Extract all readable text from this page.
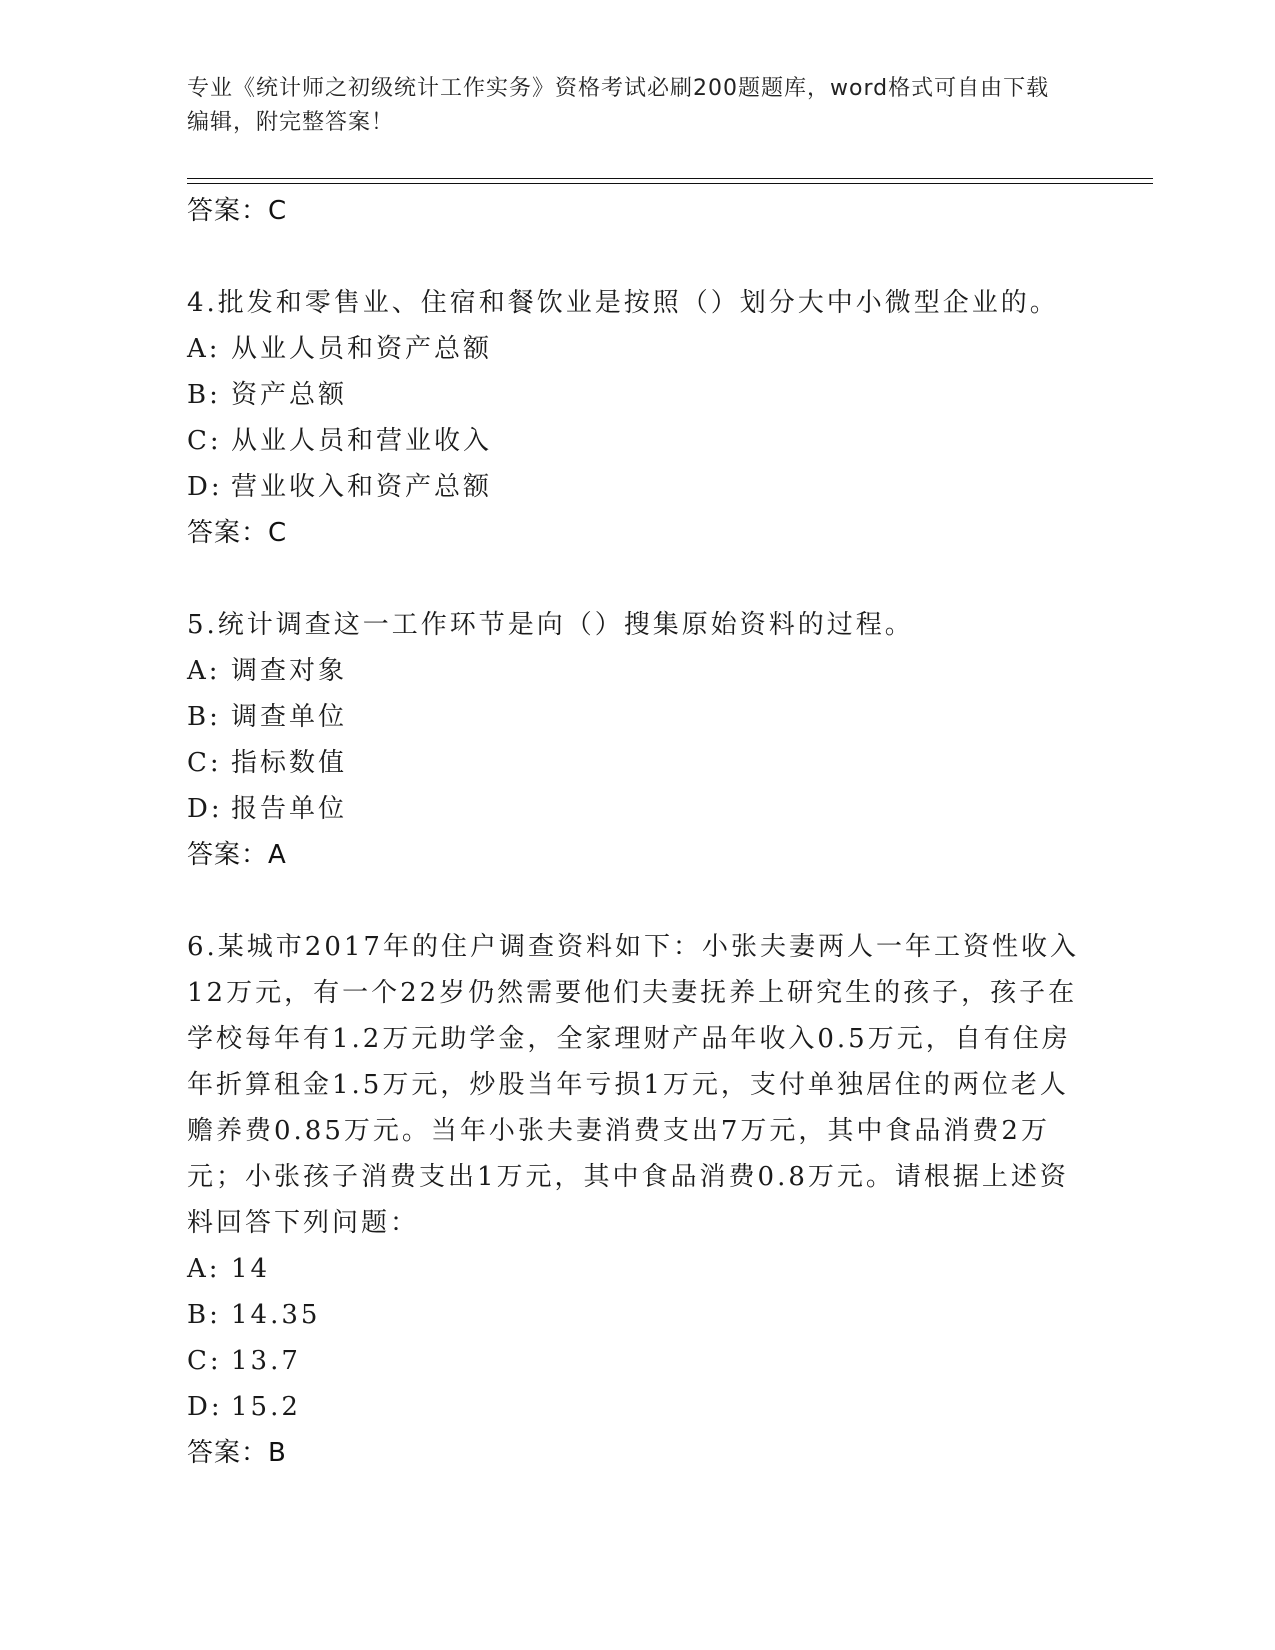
专业《统计师之初级统计工作实务》资格考试必刷200题题库，word格式可自由下载编辑，附完整答案！
答案：C
4.批发和零售业、住宿和餐饮业是按照（）划分大中小微型企业的。
A: 从业人员和资产总额
B: 资产总额
C: 从业人员和营业收入
D: 营业收入和资产总额
答案：C
5.统计调查这一工作环节是向（）搜集原始资料的过程。
A: 调查对象
B: 调查单位
C: 指标数值
D: 报告单位
答案：A
6.某城市2017年的住户调查资料如下：小张夫妻两人一年工资性收入12万元，有一个22岁仍然需要他们夫妻抚养上研究生的孩子，孩子在学校每年有1.2万元助学金，全家理财产品年收入0.5万元，自有住房年折算租金1.5万元，炒股当年亏损1万元，支付单独居住的两位老人赡养费0.85万元。当年小张夫妻消费支出7万元，其中食品消费2万元；小张孩子消费支出1万元，其中食品消费0.8万元。请根据上述资料回答下列问题：
A: 14
B: 14.35
C: 13.7
D: 15.2
答案：B
